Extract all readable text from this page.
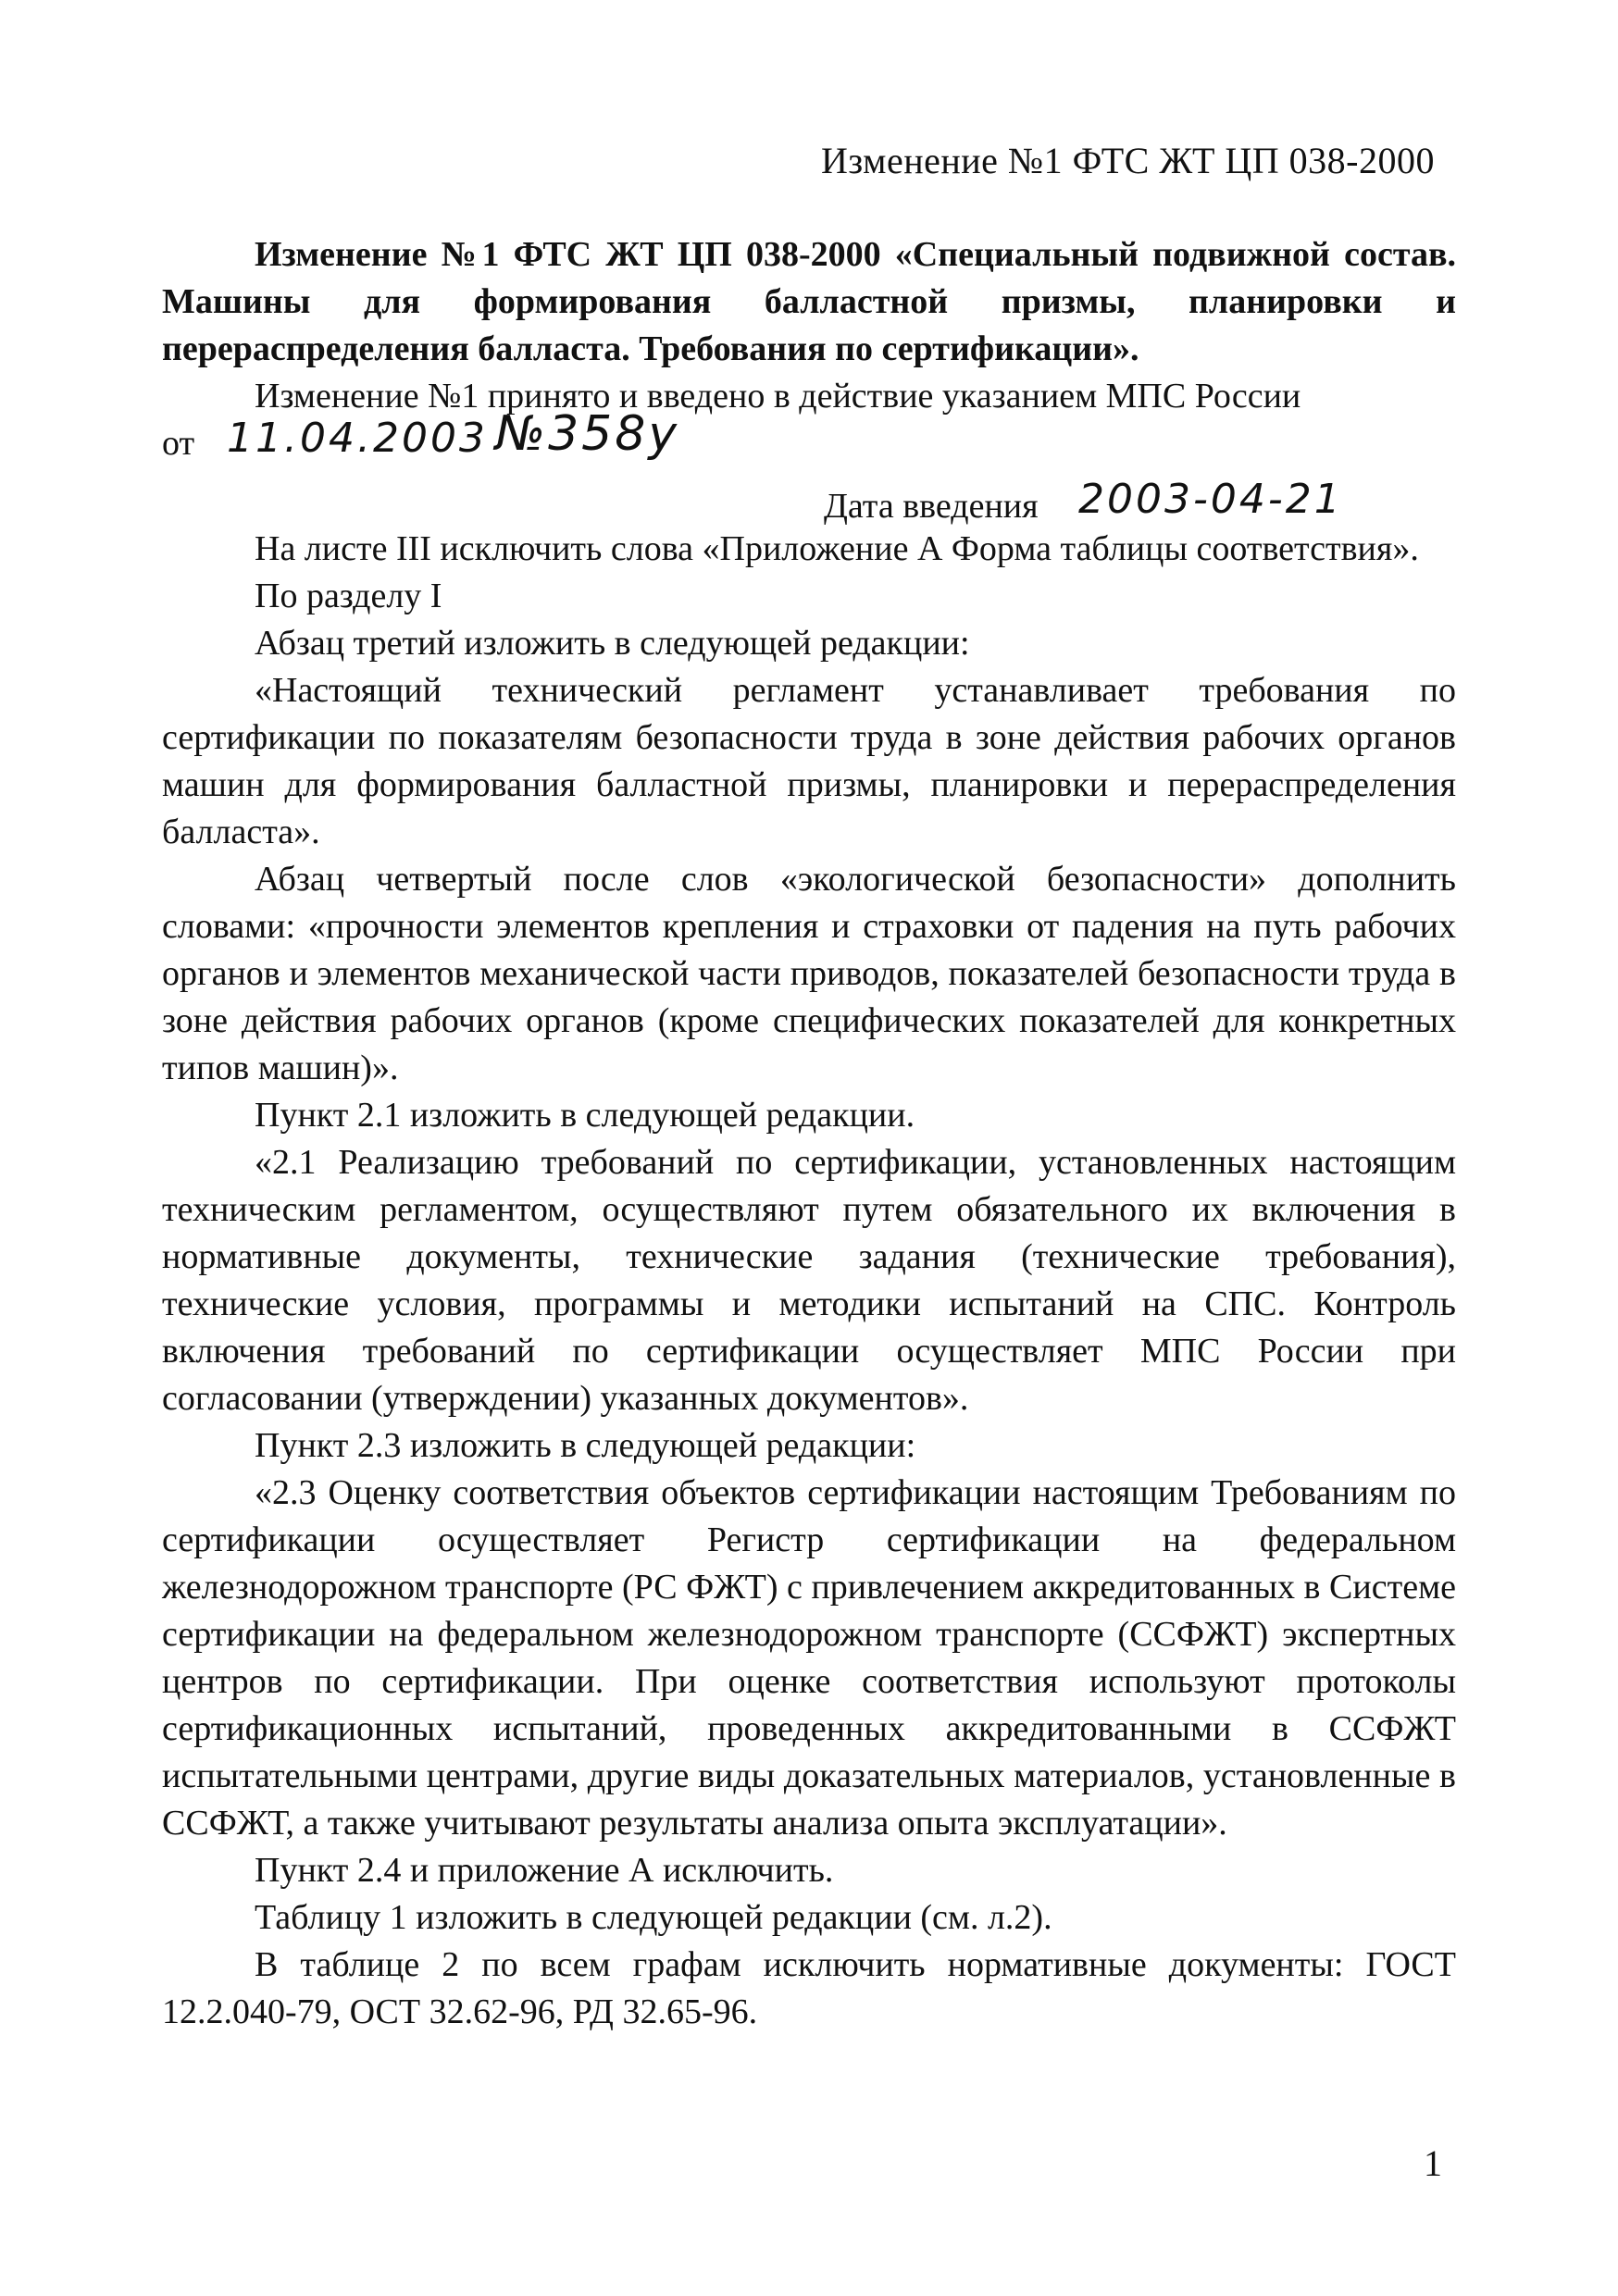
Изменение №1 ФТС ЖТ ЦП 038-2000

Изменение №1 ФТС ЖТ ЦП 038-2000 «Специальный подвижной состав. Машины для формирования балластной призмы, планировки и перераспределения балласта. Требования по сертификации».

Изменение №1 принято и введено в действие указанием МПС России

от 11.04.2003 №358у
Дата введения 2003-04-21

На листе III исключить слова «Приложение А Форма таблицы соответствия».

По разделу I

Абзац третий изложить в следующей редакции:

«Настоящий технический регламент устанавливает требования по сертификации по показателям безопасности труда в зоне действия рабочих органов машин для формирования балластной призмы, планировки и перераспределения балласта».

Абзац четвертый после слов «экологической безопасности» дополнить словами: «прочности элементов крепления и страховки от падения на путь рабочих органов и элементов механической части приводов, показателей безопасности труда в зоне действия рабочих органов (кроме специфических показателей для конкретных типов машин)».

Пункт 2.1 изложить в следующей редакции.

«2.1 Реализацию требований по сертификации, установленных настоящим техническим регламентом, осуществляют путем обязательного их включения в нормативные документы, технические задания (технические требования), технические условия, программы и методики испытаний на СПС. Контроль включения требований по сертификации осуществляет МПС России при согласовании (утверждении) указанных документов».

Пункт 2.3 изложить в следующей редакции:

«2.3 Оценку соответствия объектов сертификации настоящим Требованиям по сертификации осуществляет Регистр сертификации на федеральном железнодорожном транспорте (РС ФЖТ) с привлечением аккредитованных в Системе сертификации на федеральном железнодорожном транспорте (ССФЖТ) экспертных центров по сертификации. При оценке соответствия используют протоколы сертификационных испытаний, проведенных аккредитованными в ССФЖТ испытательными центрами, другие виды доказательных материалов, установленные в ССФЖТ, а также учитывают результаты анализа опыта эксплуатации».

Пункт 2.4 и приложение А исключить.

Таблицу 1 изложить в следующей редакции (см. л.2).

В таблице 2 по всем графам исключить нормативные документы: ГОСТ 12.2.040-79, ОСТ 32.62-96, РД 32.65-96.

1
